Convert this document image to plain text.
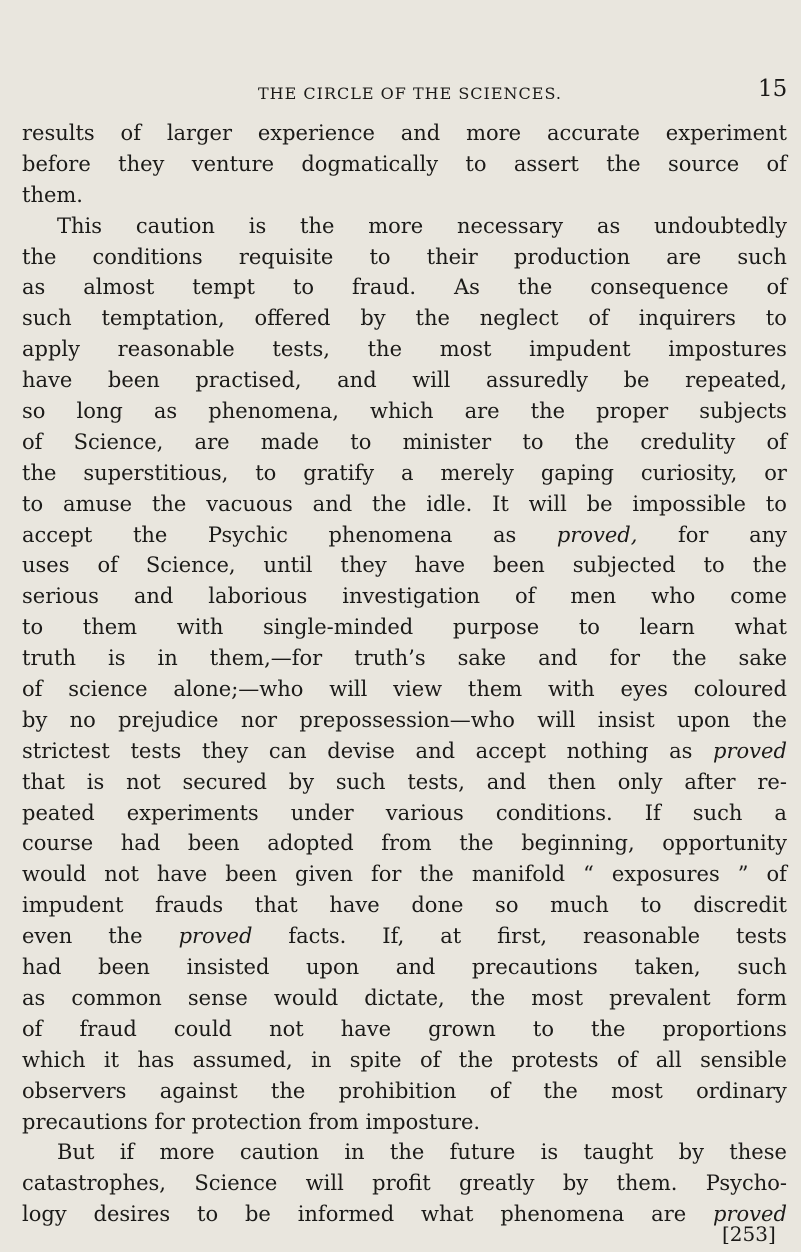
THE CIRCLE OF THE SCIENCES.	15
results of larger experience and more accurate experiment
before they venture dogmatically to assert the source of
them.
This caution is the more necessary as undoubtedly
the conditions requisite to their production are such
as almost tempt to fraud. As the consequence of
such temptation, offered by the neglect of inquirers to
apply reasonable tests, the most impudent impostures
have been practised, and will assuredly be repeated,
so long as phenomena, which are the proper subjects
of Science, are made to minister to the credulity of
the superstitious, to gratify a merely gaping curiosity, or
to amuse the vacuous and the idle. It will be impossible to
accept the Psychic phenomena as proved, for any
uses of Science, until they have been subjected to the
serious and laborious investigation of men who come
to them with single-minded purpose to learn what
truth is in them,—for truth’s sake and for the sake
of science alone;—who will view them with eyes coloured
by no prejudice nor prepossession—who will insist upon the
strictest tests they can devise and accept nothing as proved
that is not secured by such tests, and then only after re-
peated experiments under various conditions. If such a
course had been adopted from the beginning, opportunity
would not have been given for the manifold “ exposures ” of
impudent frauds that have done so much to discredit
even the proved facts. If, at first, reasonable tests
had been insisted upon and precautions taken, such
as common sense would dictate, the most prevalent form
of fraud could not have grown to the proportions
which it has assumed, in spite of the protests of all sensible
observers against the prohibition of the most ordinary
precautions
for
protection
from
imposture.
But if more caution in the future is taught by these
catastrophes, Science will profit greatly by them. Psycho-
logy desires to be informed what phenomena are proved
[253]
